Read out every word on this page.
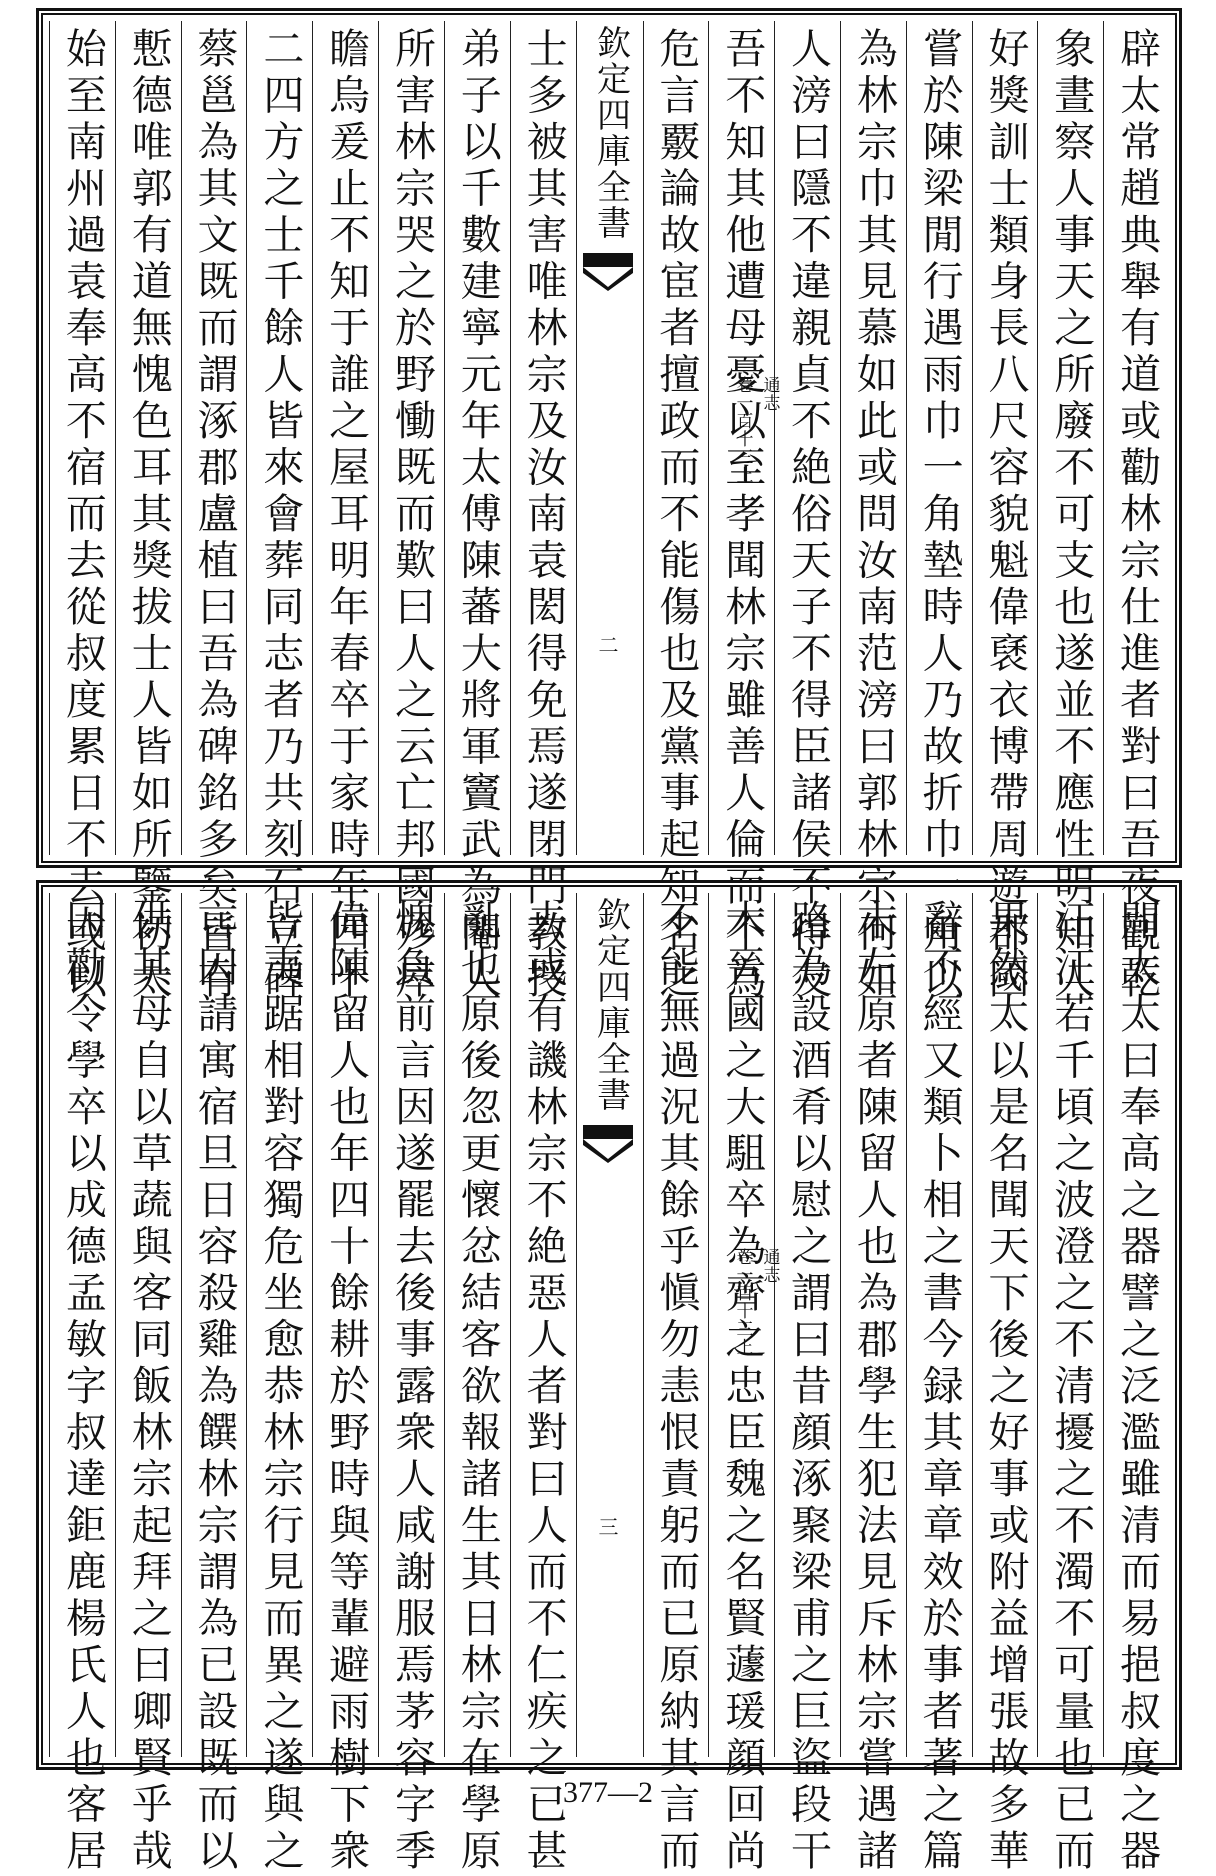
辟太常趙典舉有道或勸林宗仕進者對曰吾夜觀乾
象晝察人事天之所廢不可支也遂並不應性明知人
好獎訓士類身長八尺容貌魁偉褎衣博帶周遊郡國
嘗於陳梁閒行遇雨巾一角墊時人乃故折巾一角以
為林宗巾其見慕如此或問汝南范滂曰郭林宗何如
人滂曰隱不違親貞不絶俗天子不得臣諸侯不得友
吾不知其他遭母憂以至孝聞林宗雖善人倫而不為
危言覈論故宦者擅政而不能傷也及黨事起知名之
欽定四庫全書
通志
卷一百十三上
二
士多被其害唯林宗及汝南袁閎得免焉遂閉門教授
弟子以千數建寧元年太傅陳蕃大將軍竇武為閹人
所害林宗哭之於野慟既而歎曰人之云亡邦國殄瘁
瞻烏爰止不知于誰之屋耳明年春卒于家時年四十
二四方之士千餘人皆來會葬同志者乃共刻石立碑
蔡邕為其文既而謂涿郡盧植曰吾為碑銘多矣皆有
慙德唯郭有道無愧色耳其獎拔士人皆如所鑒初太
始至南州過袁奉高不宿而去從叔度累日不去或以
問太太曰奉高之器譬之泛濫雖清而易挹叔度之器
汪汪若千頃之波澄之不清擾之不濁不可量也已而
果然太以是名聞天下後之好事或附益增張故多華
辭不經又類卜相之書今録其章章效於事者著之篇
末左原者陳留人也為郡學生犯法見斥林宗嘗遇諸
路為設酒肴以慰之謂曰昔顔涿聚梁甫之巨盜段干
木晉國之大駔卒為齊之忠臣魏之名賢蘧瑗顔回尚
不能無過況其餘乎愼勿恚恨責躬而已原納其言而
欽定四庫全書
通志
卷一百十三上
三
去或有譏林宗不絶惡人者對曰人而不仁疾之已甚
亂也原後忽更懷忿結客欲報諸生其日林宗在學原
愧負前言因遂罷去後事露衆人咸謝服焉茅容字季
偉陳留人也年四十餘耕於野時與等輩避雨樹下衆
皆夷踞相對容獨危坐愈恭林宗行見而異之遂與之
言因請寓宿旦日容殺雞為饌林宗謂為已設既而以
供其母自以草蔬與客同飯林宗起拜之曰卿賢乎哉
因勸令學卒以成德孟敏字叔達鉅鹿楊氏人也客居	377—2
